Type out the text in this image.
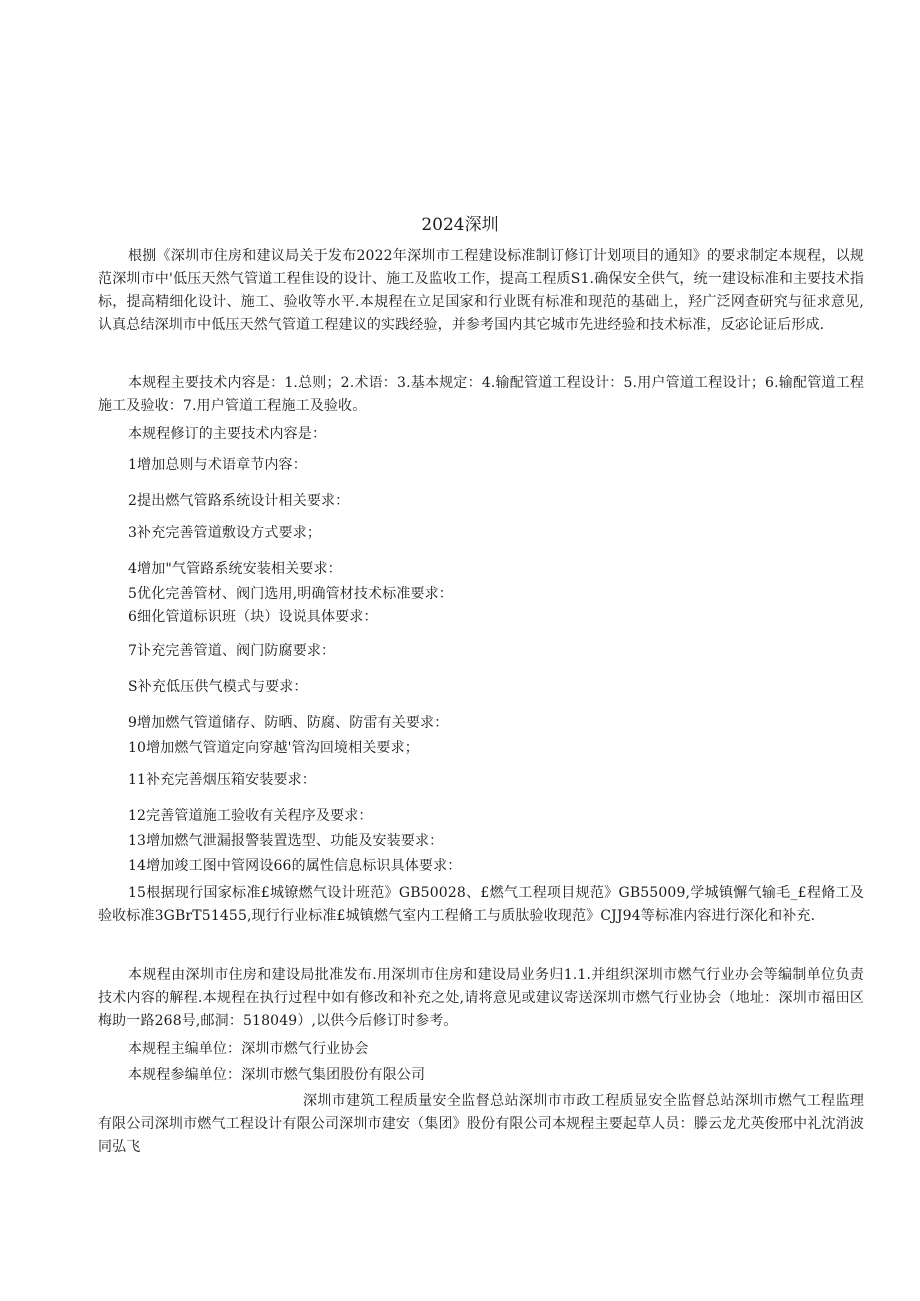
2024深圳
根捌《深圳市住房和建议局关于发布2022年深圳市工程建设标准制订修订计划项目的通知》的要求制定本规程，以规范深圳市中'低压天然气管道工程隹设的设计、施工及监收工作，提高工程质S1.确保安全供气，统一建设标准和主要技术指标，提高精细化设计、施工、验收等水平.本規程在立足国家和行业既有标准和现范的基础上，羟广泛网查研究与征求意见,认真总结深圳市中低压天然气管道工程建议的实践经验，并参考国内其它城市先进经验和技术标准，反宓论证后形成.
本规程主要技术内容是：1.总则；2.术语：3.基本规定：4.输配管道工程设计：5.用户管道工程设计；6.输配管道工程施工及验收：7.用户管道工程施工及验收。
本规程修订的主要技术内容是：
1增加总则与术语章节内容：
2提出燃气管路系统设计相关要求：
3补充完善管道敷设方式要求；
4增加"气管路系统安装相关要求：
5优化完善管材、阀门选用,明确管材技术标准要求：
6细化管道标识班（块）设说具体要求：
7讣充完善管道、阀门防腐要求：
S补充低压供气模式与要求：
9增加燃气管道储存、防晒、防腐、防雷有关要求：
10增加燃气管道定向穿越'管沟回境相关要求；
11补充完善烟压箱安装要求：
12完善管道施工验收有关程序及要求：
13增加燃气泄漏报警装置选型、功能及安装要求：
14增加竣工图中管网设66的属性信息标识具体要求：
15根据现行国家标准£城镣燃气设计班范》GB50028、£燃气工程项目规范》GB55009,学城镇懈气输毛_£程脩工及验收标准3GBrT51455,现行行业标准£城镇燃气室内工程脩工与质肽验收现范》CJJ94等标准内容进行深化和补充.
本规程由深圳市住房和建设局批准发布.用深圳市住房和建设局业务归1.1.并组织深圳市燃气行业办会等编制单位负责技术内容的解程.本规程在执行过程中如有修改和补充之处,请将意见或建议寄送深圳市燃气行业协会（地址：深圳市福田区梅助一路268号,邮洞：518049）,以供今后修订时参考。
本规程主编单位：深圳市燃气行业协会
本规程参编单位：深圳市燃气集团股份有限公司
深圳市建筑工程质量安全监督总站深圳市市政工程质显安全监督总站深圳市燃气工程监理有限公司深圳市燃气工程设计有限公司深圳市建安（集团》股份有限公司本规程主要起草人员：滕云龙尤英俊邢中礼沈消波同弘飞
